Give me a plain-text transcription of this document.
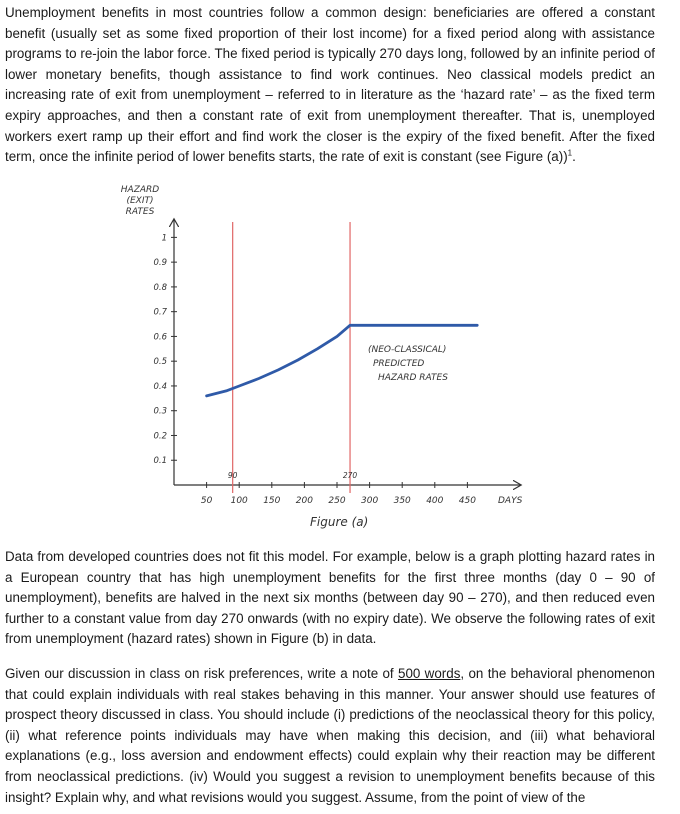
Unemployment benefits in most countries follow a common design: beneficiaries are offered a constant benefit (usually set as some fixed proportion of their lost income) for a fixed period along with assistance programs to re-join the labor force. The fixed period is typically 270 days long, followed by an infinite period of lower monetary benefits, though assistance to find work continues. Neo classical models predict an increasing rate of exit from unemployment – referred to in literature as the ‘hazard rate’ – as the fixed term expiry approaches, and then a constant rate of exit from unemployment thereafter. That is, unemployed workers exert ramp up their effort and find work the closer is the expiry of the fixed benefit. After the fixed term, once the infinite period of lower benefits starts, the rate of exit is constant (see Figure (a))$^1$.

HAZARD
(EXIT)
RATES
0.1
0.2
0.3
0.4
0.5
0.6
0.7
0.8
0.9
1
50 100 150 200 250 300 350 400 450
90	270
(NEO-CLASSICAL)
PREDICTED
HAZARD RATES
DAYS
Figure (a)

Data from developed countries does not fit this model. For example, below is a graph plotting hazard rates in a European country that has high unemployment benefits for the first three months (day 0 – 90 of unemployment), benefits are halved in the next six months (between day 90 – 270), and then reduced even further to a constant value from day 270 onwards (with no expiry date). We observe the following rates of exit from unemployment (hazard rates) shown in Figure (b) in data.

Given our discussion in class on risk preferences, write a note of 500 words, on the behavioral phenomenon that could explain individuals with real stakes behaving in this manner. Your answer should use features of prospect theory discussed in class. You should include (i) predictions of the neoclassical theory for this policy, (ii) what reference points individuals may have when making this decision, and (iii) what behavioral explanations (e.g., loss aversion and endowment effects) could explain why their reaction may be different from neoclassical predictions. (iv) Would you suggest a revision to unemployment benefits because of this insight? Explain why, and what revisions would you suggest. Assume, from the point of view of the
